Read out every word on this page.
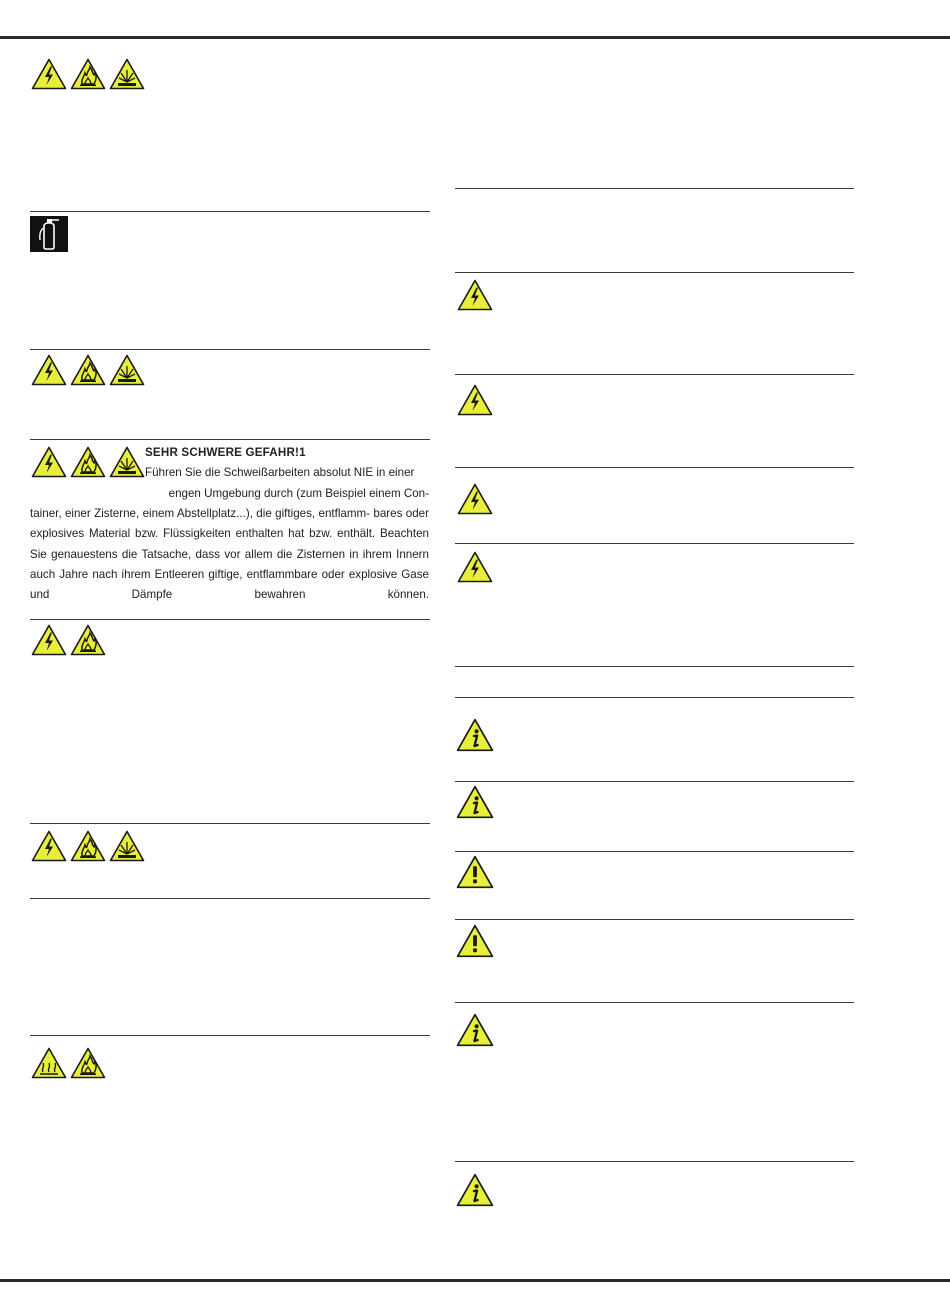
SEHR SCHWERE GEFAHR!1
Führen Sie die Schweißarbeiten absolut NIE in einer
engen Umgebung durch (zum Beispiel einem Con-

tainer, einer Zisterne, einem Abstellplatz...), die giftiges, entflamm- bares oder explosives Material bzw. Flüssigkeiten enthalten hat bzw. enthält. Beachten Sie genauestens die Tatsache, dass vor allem die Zisternen in ihrem Innern auch Jahre nach ihrem Entleeren giftige, entflammbare oder explosive Gase und Dämpfe bewahren können.
